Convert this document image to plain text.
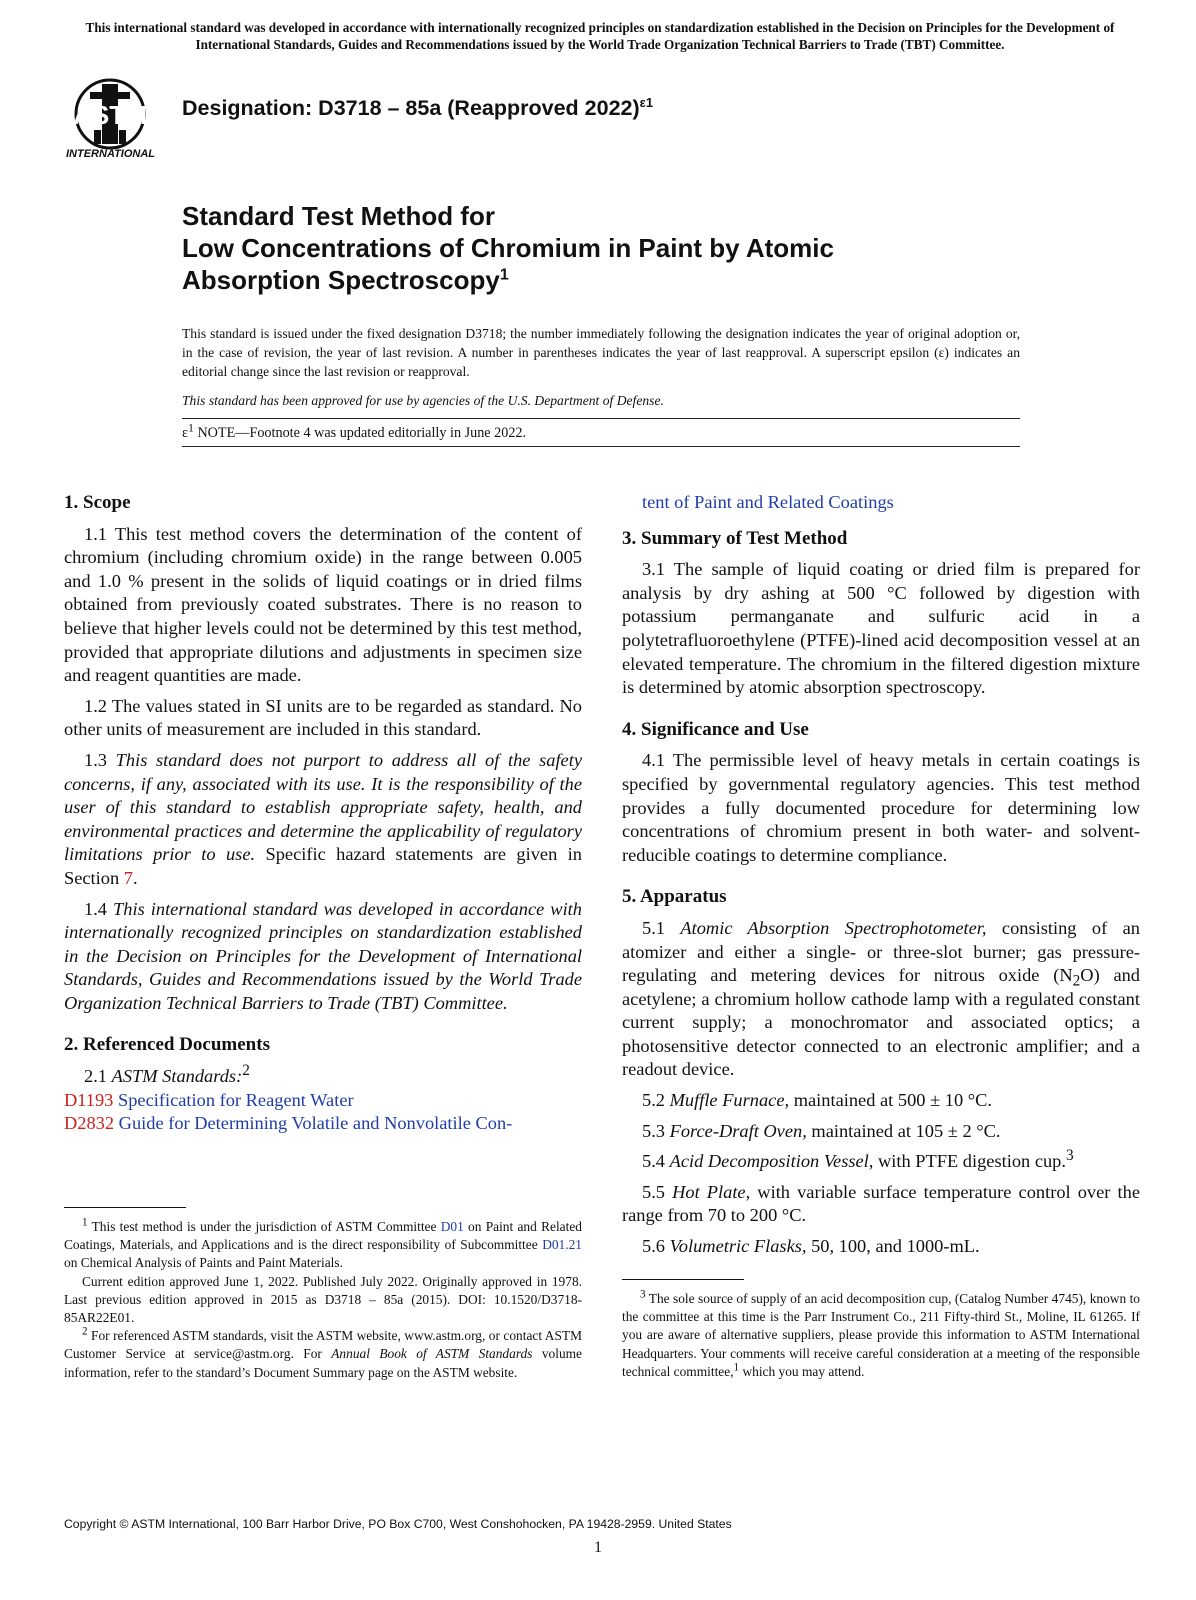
This international standard was developed in accordance with internationally recognized principles on standardization established in the Decision on Principles for the Development of International Standards, Guides and Recommendations issued by the World Trade Organization Technical Barriers to Trade (TBT) Committee.
ASTM
INTERNATIONAL
Designation: D3718 – 85a (Reapproved 2022)$^{\varepsilon 1}$
Standard Test Method for
Low Concentrations of Chromium in Paint by Atomic
Absorption Spectroscopy$^1$
This standard is issued under the fixed designation D3718; the number immediately following the designation indicates the year of original adoption or, in the case of revision, the year of last revision. A number in parentheses indicates the year of last reapproval. A superscript epsilon (ε) indicates an editorial change since the last revision or reapproval.
This standard has been approved for use by agencies of the U.S. Department of Defense.
$\varepsilon^1$ NOTE—Footnote 4 was updated editorially in June 2022.
1. Scope

1.1 This test method covers the determination of the content of chromium (including chromium oxide) in the range between 0.005 and 1.0 % present in the solids of liquid coatings or in dried films obtained from previously coated substrates. There is no reason to believe that higher levels could not be determined by this test method, provided that appropriate dilutions and adjustments in specimen size and reagent quantities are made.

1.2 The values stated in SI units are to be regarded as standard. No other units of measurement are included in this standard.

1.3 This standard does not purport to address all of the safety concerns, if any, associated with its use. It is the responsibility of the user of this standard to establish appropriate safety, health, and environmental practices and determine the applicability of regulatory limitations prior to use. Specific hazard statements are given in Section 7.

1.4 This international standard was developed in accordance with internationally recognized principles on standardization established in the Decision on Principles for the Development of International Standards, Guides and Recommendations issued by the World Trade Organization Technical Barriers to Trade (TBT) Committee.

2. Referenced Documents

2.1 ASTM Standards:$^2$

D1193 Specification for Reagent Water

D2832 Guide for Determining Volatile and Nonvolatile Con-

$^1$ This test method is under the jurisdiction of ASTM Committee D01 on Paint and Related Coatings, Materials, and Applications and is the direct responsibility of Subcommittee D01.21 on Chemical Analysis of Paints and Paint Materials.

Current edition approved June 1, 2022. Published July 2022. Originally approved in 1978. Last previous edition approved in 2015 as D3718 – 85a (2015). DOI: 10.1520/D3718-85AR22E01.

$^2$ For referenced ASTM standards, visit the ASTM website, www.astm.org, or contact ASTM Customer Service at service@astm.org. For Annual Book of ASTM Standards volume information, refer to the standard’s Document Summary page on the ASTM website.

tent of Paint and Related Coatings

3. Summary of Test Method

3.1 The sample of liquid coating or dried film is prepared for analysis by dry ashing at 500 °C followed by digestion with potassium permanganate and sulfuric acid in a polytetrafluoroethylene (PTFE)-lined acid decomposition vessel at an elevated temperature. The chromium in the filtered digestion mixture is determined by atomic absorption spectroscopy.

4. Significance and Use

4.1 The permissible level of heavy metals in certain coatings is specified by governmental regulatory agencies. This test method provides a fully documented procedure for determining low concentrations of chromium present in both water- and solvent-reducible coatings to determine compliance.

5. Apparatus

5.1 Atomic Absorption Spectrophotometer, consisting of an atomizer and either a single- or three-slot burner; gas pressure-regulating and metering devices for nitrous oxide $(N_2O)$ and acetylene; a chromium hollow cathode lamp with a regulated constant current supply; a monochromator and associated optics; a photosensitive detector connected to an electronic amplifier; and a readout device.

5.2 Muffle Furnace, maintained at 500 ± 10 °C.

5.3 Force-Draft Oven, maintained at 105 ± 2 °C.

5.4 Acid Decomposition Vessel, with PTFE digestion cup.$^3$

5.5 Hot Plate, with variable surface temperature control over the range from 70 to 200 °C.

5.6 Volumetric Flasks, 50, 100, and 1000-mL.

$^3$ The sole source of supply of an acid decomposition cup, (Catalog Number 4745), known to the committee at this time is the Parr Instrument Co., 211 Fifty-third St., Moline, IL 61265. If you are aware of alternative suppliers, please provide this information to ASTM International Headquarters. Your comments will receive careful consideration at a meeting of the responsible technical committee,$^1$ which you may attend.

Copyright © ASTM International, 100 Barr Harbor Drive, PO Box C700, West Conshohocken, PA 19428-2959. United States
1
